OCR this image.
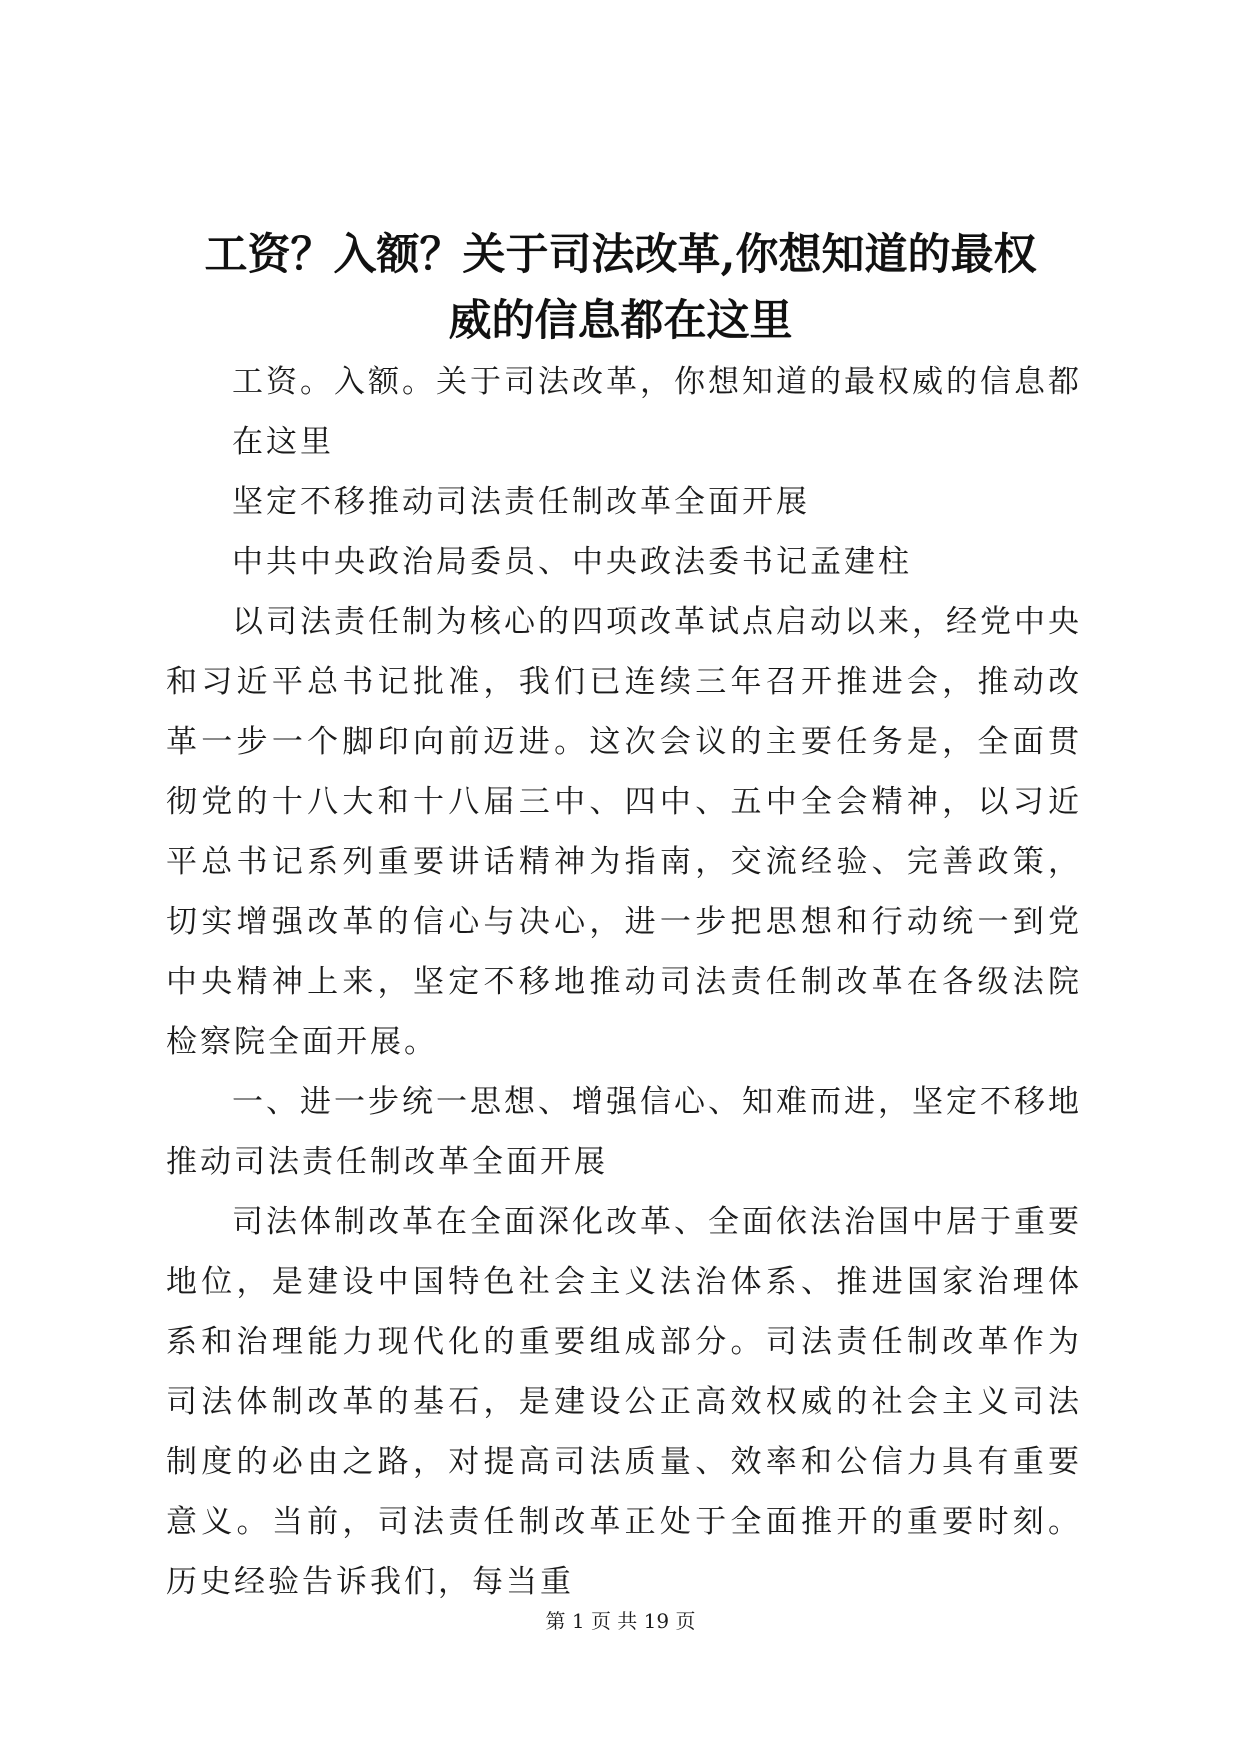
工资？入额？关于司法改革,你想知道的最权
威的信息都在这里

工资。入额。关于司法改革，你想知道的最权威的信息都在这里

坚定不移推动司法责任制改革全面开展

中共中央政治局委员、中央政法委书记孟建柱

以司法责任制为核心的四项改革试点启动以来，经党中央和习近平总书记批准，我们已连续三年召开推进会，推动改革一步一个脚印向前迈进。这次会议的主要任务是，全面贯彻党的十八大和十八届三中、四中、五中全会精神，以习近平总书记系列重要讲话精神为指南，交流经验、完善政策，切实增强改革的信心与决心，进一步把思想和行动统一到党中央精神上来，坚定不移地推动司法责任制改革在各级法院检察院全面开展。

一、进一步统一思想、增强信心、知难而进，坚定不移地推动司法责任制改革全面开展

司法体制改革在全面深化改革、全面依法治国中居于重要地位，是建设中国特色社会主义法治体系、推进国家治理体系和治理能力现代化的重要组成部分。司法责任制改革作为司法体制改革的基石，是建设公正高效权威的社会主义司法制度的必由之路，对提高司法质量、效率和公信力具有重要意义。当前，司法责任制改革正处于全面推开的重要时刻。历史经验告诉我们，每当重

第 1 页 共 19 页
